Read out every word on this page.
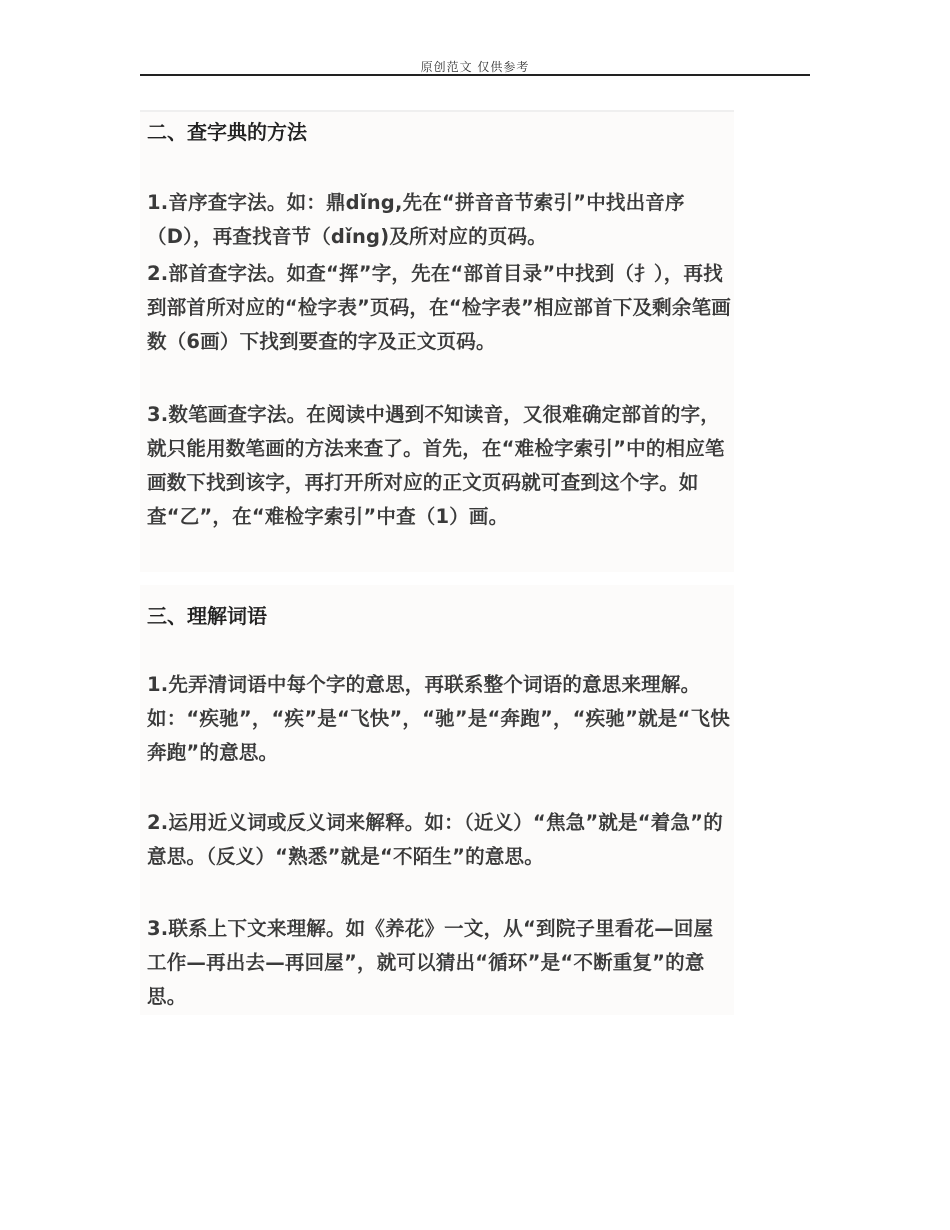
原创范文 仅供参考
二、查字典的方法
1.音序查字法。如：鼎dǐng,先在“拼音音节索引”中找出音序（D），再查找音节（dǐng)及所对应的页码。
2.部首查字法。如查“挥”字，先在“部首目录”中找到（扌），再找到部首所对应的“检字表”页码，在“检字表”相应部首下及剩余笔画数（6画）下找到要查的字及正文页码。
3.数笔画查字法。在阅读中遇到不知读音，又很难确定部首的字，就只能用数笔画的方法来查了。首先，在“难检字索引”中的相应笔画数下找到该字，再打开所对应的正文页码就可查到这个字。如查“乙”，在“难检字索引”中查（1）画。
三、理解词语
1.先弄清词语中每个字的意思，再联系整个词语的意思来理解。如：“疾驰”，“疾”是“飞快”，“驰”是“奔跑”，“疾驰”就是“飞快奔跑”的意思。
2.运用近义词或反义词来解释。如：（近义）“焦急”就是“着急”的意思。（反义）“熟悉”就是“不陌生”的意思。
3.联系上下文来理解。如《养花》一文，从“到院子里看花—回屋工作—再出去—再回屋”，就可以猜出“循环”是“不断重复”的意思。
